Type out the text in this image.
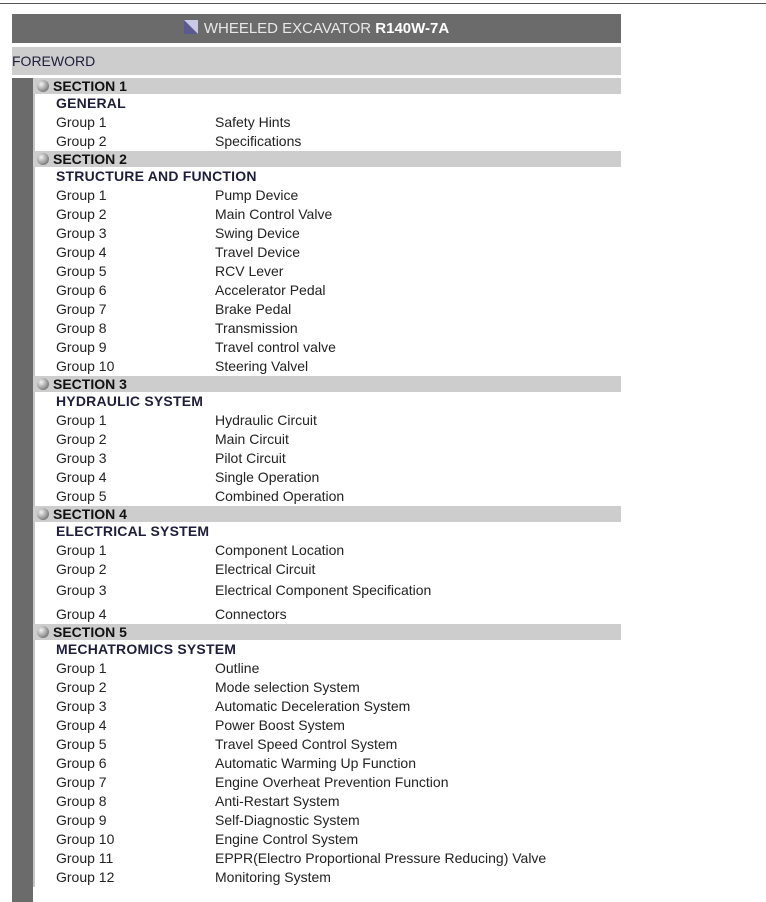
WHEELED EXCAVATOR R140W-7A
FOREWORD
SECTION 1
GENERAL
Group 1	Safety Hints
Group 2	Specifications
SECTION 2
STRUCTURE AND FUNCTION
Group 1	Pump Device
Group 2	Main Control Valve
Group 3	Swing Device
Group 4	Travel Device
Group 5	RCV Lever
Group 6	Accelerator Pedal
Group 7	Brake Pedal
Group 8	Transmission
Group 9	Travel control valve
Group 10	Steering Valvel
SECTION 3
HYDRAULIC SYSTEM
Group 1	Hydraulic Circuit
Group 2	Main Circuit
Group 3	Pilot Circuit
Group 4	Single Operation
Group 5	Combined Operation
SECTION 4
ELECTRICAL SYSTEM
Group 1	Component Location
Group 2	Electrical Circuit
Group 3	Electrical Component Specification
Group 4	Connectors
SECTION 5
MECHATROMICS SYSTEM
Group 1	Outline
Group 2	Mode selection System
Group 3	Automatic Deceleration System
Group 4	Power Boost System
Group 5	Travel Speed Control System
Group 6	Automatic Warming Up Function
Group 7	Engine Overheat Prevention Function
Group 8	Anti-Restart System
Group 9	Self-Diagnostic System
Group 10	Engine Control System
Group 11	EPPR(Electro Proportional Pressure Reducing) Valve
Group 12	Monitoring System
